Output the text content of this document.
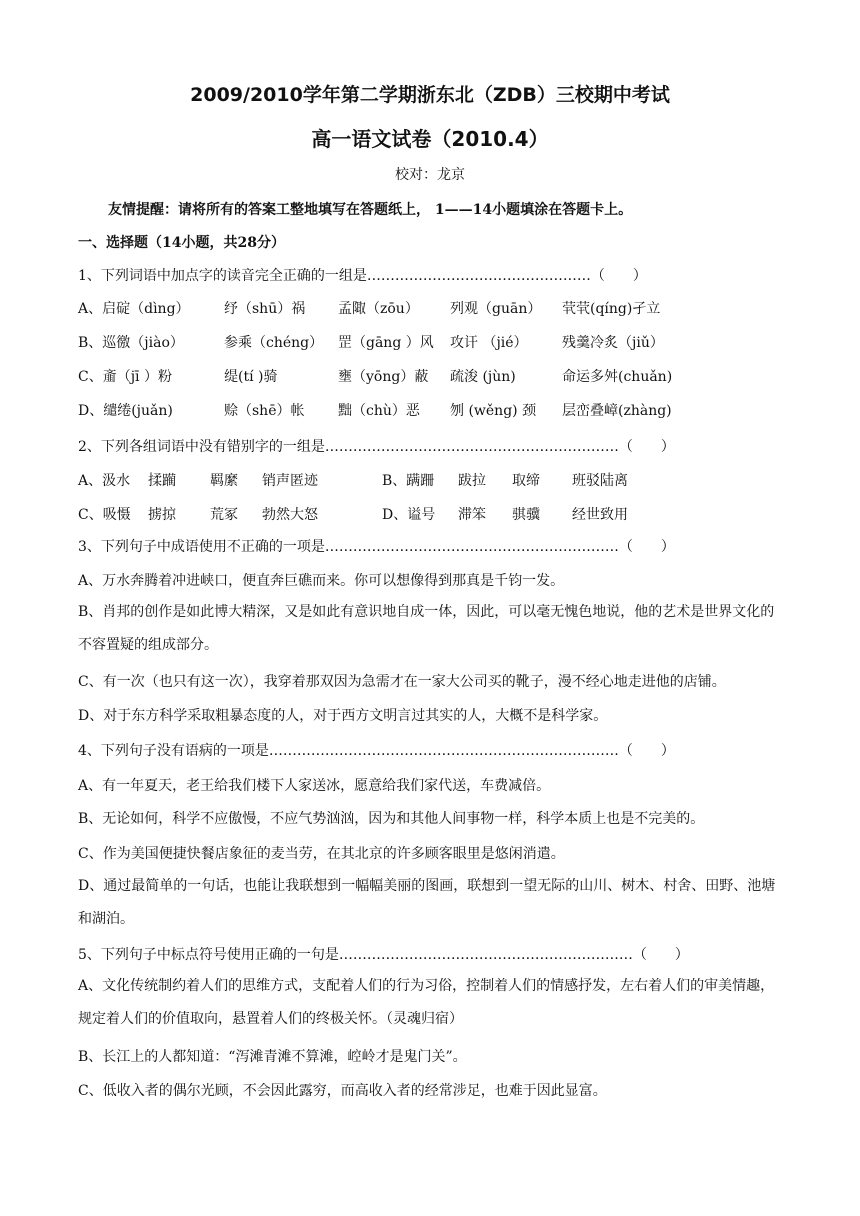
2009/2010学年第二学期浙东北（ZDB）三校期中考试
高一语文试卷（2010.4）
校对：龙京
友情提醒：请将所有的答案工整地填写在答题纸上， 1——14小题填涂在答题卡上。
一、选择题（14小题，共28分）
1、下列词语中加点字的读音完全正确的一组是…………………………………………（　　）
A、启碇（dìng） 纾（shū）祸 孟陬（zōu） 列观（guān） 茕茕(qíng)孑立
B、巡徼（jiào）	参乘（chéng） 罡（gāng ）风 攻讦 （jié） 残羹冷炙（jiǔ）
C、齑（jī ）粉	缇(tí )骑	壅（yōng）蔽 疏浚 (jùn)	命运多舛(chuǎn)
D、缱绻(juǎn)	赊（shē）帐 黜（chù）恶 刎 (wěng) 颈 层峦叠嶂(zhàng)
2、下列各组词语中没有错别字的一组是………………………………………………………（　　）
A、汲水 揉躏 羁縻 销声匿迹	B、蹒跚 跋拉 取缔 班驳陆离
C、吸慑 掳掠 荒冢 勃然大怒	D、谥号 滞笨 骐骥 经世致用
3、下列句子中成语使用不正确的一项是………………………………………………………（　　）
A、万水奔腾着冲进峡口，便直奔巨礁而来。你可以想像得到那真是千钧一发。
B、肖邦的创作是如此博大精深，又是如此有意识地自成一体，因此，可以毫无愧色地说，他的艺术是世界文化的不容置疑的组成部分。
C、有一次（也只有这一次），我穿着那双因为急需才在一家大公司买的靴子，漫不经心地走进他的店铺。
D、对于东方科学采取粗暴态度的人，对于西方文明言过其实的人，大概不是科学家。
4、下列句子没有语病的一项是…………………………………………………………………（　　）
A、有一年夏天，老王给我们楼下人家送冰，愿意给我们家代送，车费减倍。
B、无论如何，科学不应傲慢，不应气势汹汹，因为和其他人间事物一样，科学本质上也是不完美的。
C、作为美国便捷快餐店象征的麦当劳，在其北京的许多顾客眼里是悠闲消遣。
D、通过最简单的一句话，也能让我联想到一幅幅美丽的图画，联想到一望无际的山川、树木、村舍、田野、池塘和湖泊。
5、下列句子中标点符号使用正确的一句是………………………………………………………（　　）
A、文化传统制约着人们的思维方式，支配着人们的行为习俗，控制着人们的情感抒发，左右着人们的审美情趣，规定着人们的价值取向，悬置着人们的终极关怀。（灵魂归宿）
B、长江上的人都知道：“泻滩青滩不算滩，崆岭才是鬼门关”。
C、低收入者的偶尔光顾，不会因此露穷，而高收入者的经常涉足，也难于因此显富。
